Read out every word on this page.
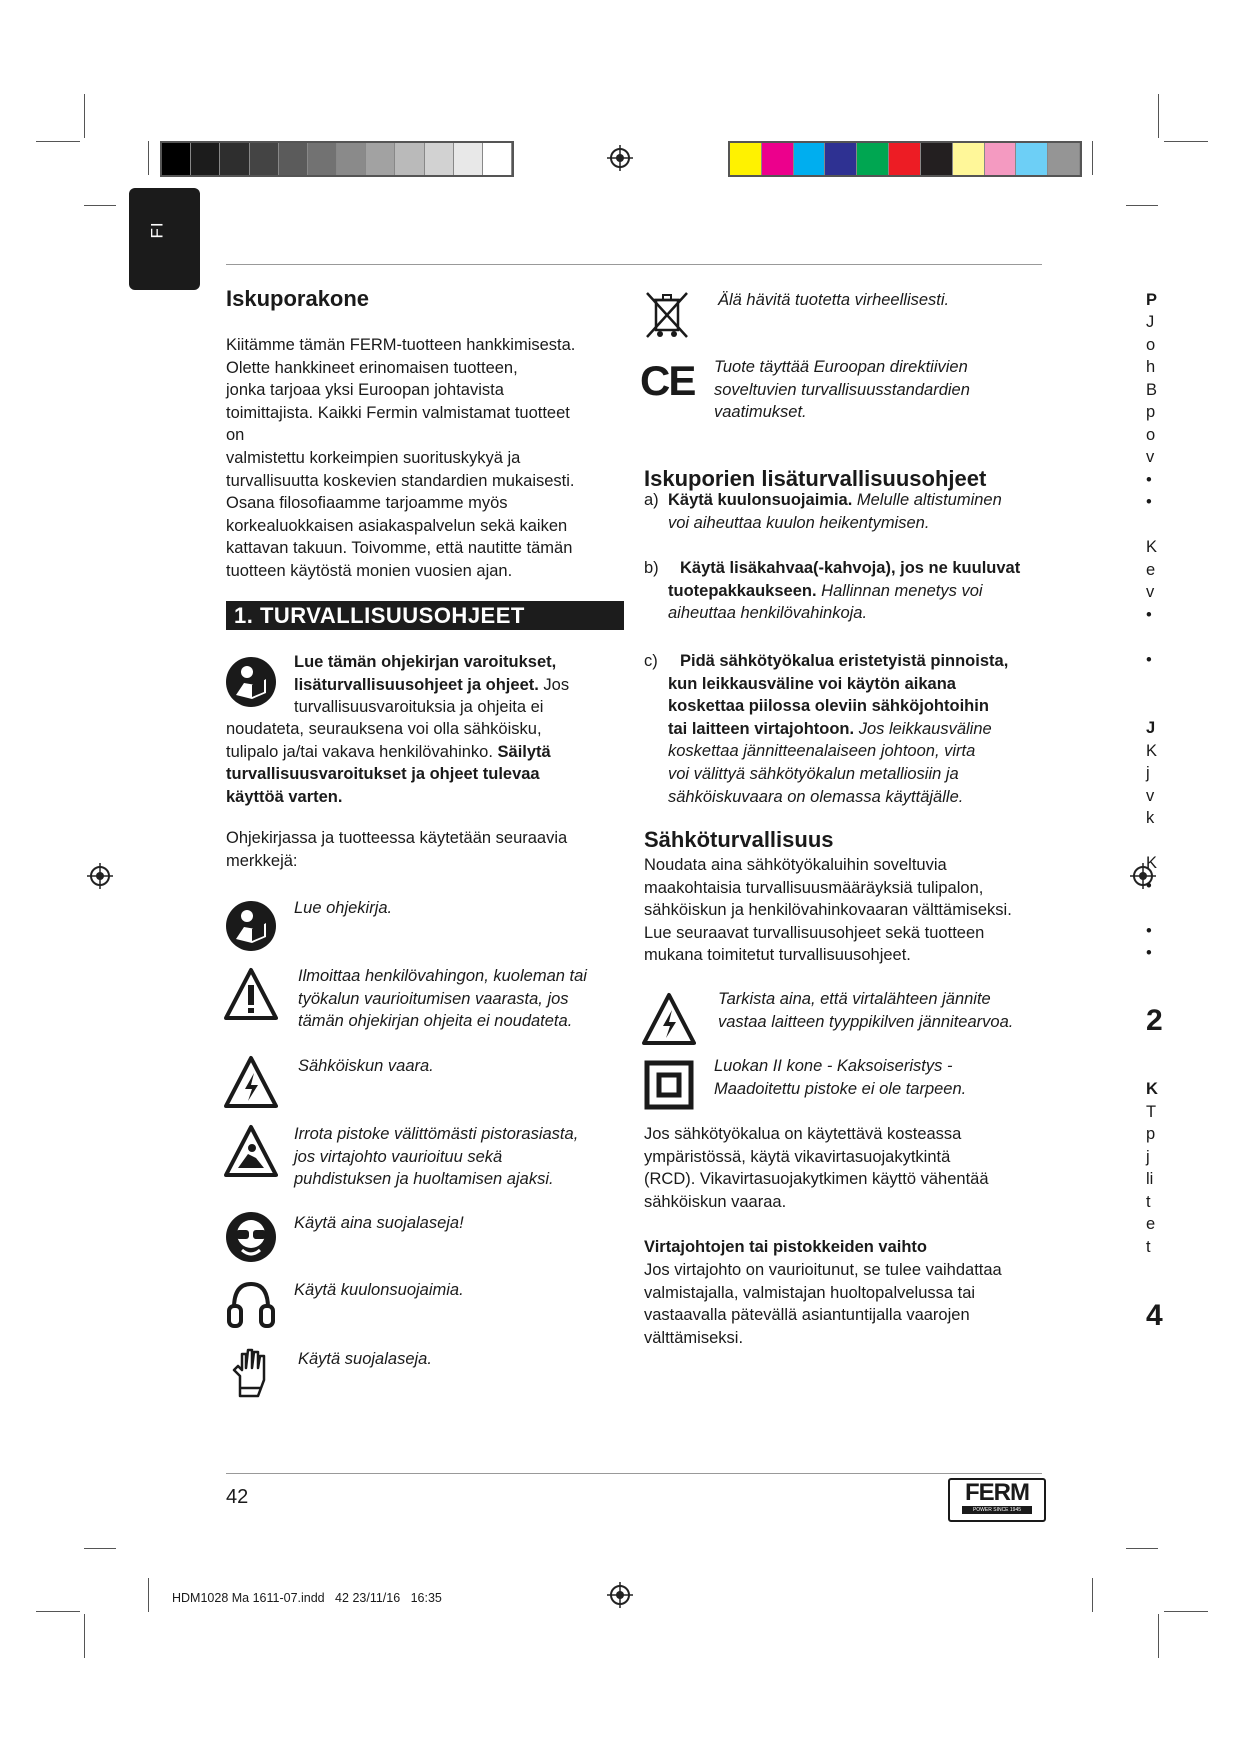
FI
Iskuporakone
Kiitämme tämän FERM-tuotteen hankkimisesta.
Olette hankkineet erinomaisen tuotteen,
jonka tarjoaa yksi Euroopan johtavista
toimittajista. Kaikki Fermin valmistamat tuotteet
on
valmistettu korkeimpien suorituskykyä ja
turvallisuutta koskevien standardien mukaisesti.
Osana filosofiaamme tarjoamme myös
korkealuokkaisen asiakaspalvelun sekä kaiken
kattavan takuun. Toivomme, että nautitte tämän
tuotteen käytöstä monien vuosien ajan.
1. TURVALLISUUSOHJEET
Lue tämän ohjekirjan varoitukset,
lisäturvallisuusohjeet ja ohjeet. Jos
turvallisuusvaroituksia ja ohjeita ei
noudateta, seurauksena voi olla sähköisku,
tulipalo ja/tai vakava henkilövahinko. Säilytä
turvallisuusvaroitukset ja ohjeet tulevaa
käyttöä varten.
Ohjekirjassa ja tuotteessa käytetään seuraavia
merkkejä:
Lue ohjekirja.
Ilmoittaa henkilövahingon, kuoleman tai
työkalun vaurioitumisen vaarasta, jos
tämän ohjekirjan ohjeita ei noudateta.
Sähköiskun vaara.
Irrota pistoke välittömästi pistorasiasta,
jos virtajohto vaurioituu sekä
puhdistuksen ja huoltamisen ajaksi.
Käytä aina suojalaseja!
Käytä kuulonsuojaimia.
Käytä suojalaseja.
Älä hävitä tuotetta virheellisesti.
CE Tuote täyttää Euroopan direktiivien
soveltuvien turvallisuusstandardien
vaatimukset.
Iskuporien lisäturvallisuusohjeet
a) Käytä kuulonsuojaimia. Melulle altistuminen
voi aiheuttaa kuulon heikentymisen.
b) Käytä lisäkahvaa(-kahvoja), jos ne kuuluvat
tuotepakkaukseen. Hallinnan menetys voi
aiheuttaa henkilövahinkoja.
c) Pidä sähkötyökalua eristetyistä pinnoista,
kun leikkausväline voi käytön aikana
koskettaa piilossa oleviin sähköjohtoihin
tai laitteen virtajohtoon. Jos leikkausväline
koskettaa jännitteenalaiseen johtoon, virta
voi välittyä sähkötyökalun metalliosiin ja
sähköiskuvaara on olemassa käyttäjälle.
Sähköturvallisuus
Noudata aina sähkötyökaluihin soveltuvia
maakohtaisia turvallisuusmääräyksiä tulipalon,
sähköiskun ja henkilövahinkovaaran välttämiseksi.
Lue seuraavat turvallisuusohjeet sekä tuotteen
mukana toimitetut turvallisuusohjeet.
Tarkista aina, että virtalähteen jännite
vastaa laitteen tyyppikilven jännitearvoa.
Luokan II kone - Kaksoiseristys -
Maadoitettu pistoke ei ole tarpeen.
Jos sähkötyökalua on käytettävä kosteassa
ympäristössä, käytä vikavirtasuojakytkintä
(RCD). Vikavirtasuojakytkimen käyttö vähentää
sähköiskun vaaraa.
Virtajohtojen tai pistokkeiden vaihto
Jos virtajohto on vaurioitunut, se tulee vaihdattaa
valmistajalla, valmistajan huoltopalvelussa tai
vastaavalla pätevällä asiantuntijalla vaarojen
välttämiseksi.
P
J
o
h
B
p
o
v
•
•
K
e
v
•
•
J
K
j
v
k
K
•
•
•
2
K
T
p
j
li
t
e
t
4
42	FERM
POWER SINCE 1945
HDM1028 Ma 1611-07.indd   42 23/11/16   16:35
